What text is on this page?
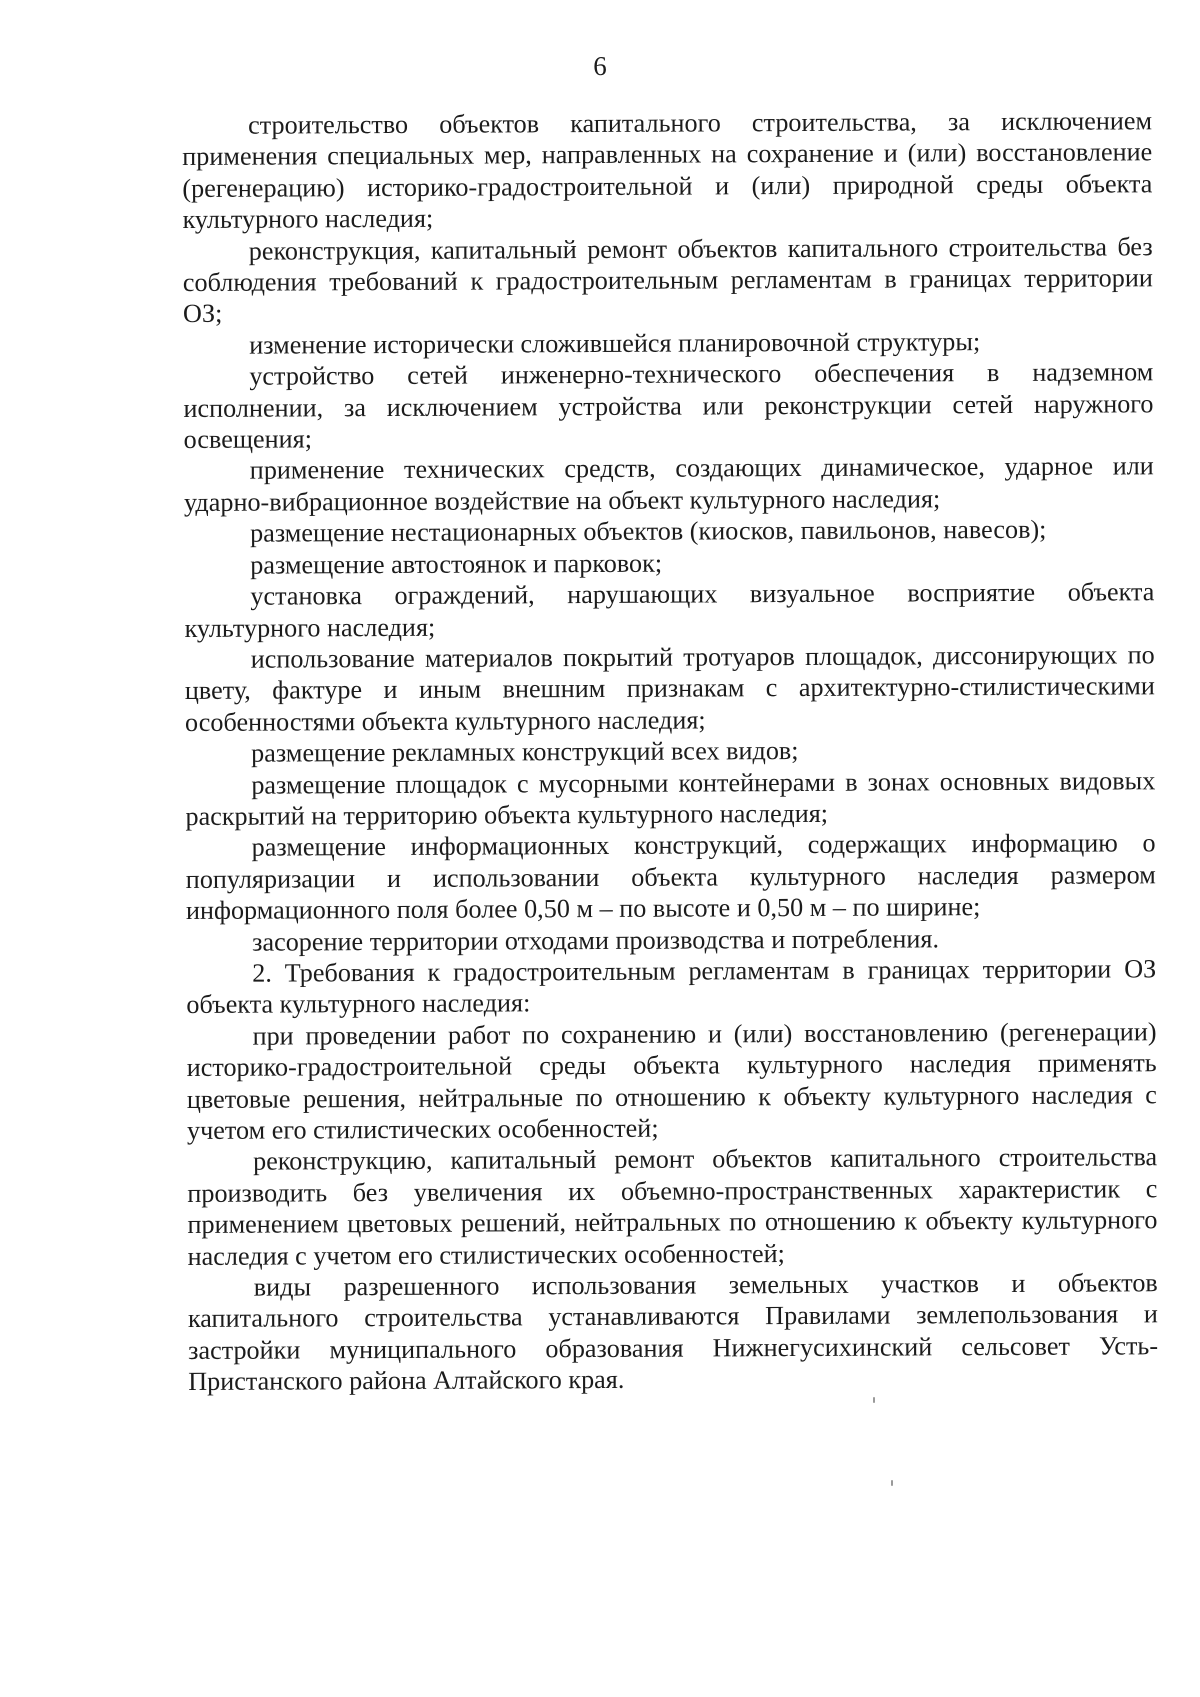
6

строительство объектов капитального строительства, за исключением применения специальных мер, направленных на сохранение и (или) восстановление (регенерацию) историко-градостроительной и (или) природной среды объекта культурного наследия;

реконструкция, капитальный ремонт объектов капитального строительства без соблюдения требований к градостроительным регламентам в границах территории ОЗ;

изменение исторически сложившейся планировочной структуры;

устройство сетей инженерно-технического обеспечения в надземном исполнении, за исключением устройства или реконструкции сетей наружного освещения;

применение технических средств, создающих динамическое, ударное или ударно-вибрационное воздействие на объект культурного наследия;

размещение нестационарных объектов (киосков, павильонов, навесов);

размещение автостоянок и парковок;

установка ограждений, нарушающих визуальное восприятие объекта культурного наследия;

использование материалов покрытий тротуаров площадок, диссонирующих по цвету, фактуре и иным внешним признакам с архитектурно-стилистическими особенностями объекта культурного наследия;

размещение рекламных конструкций всех видов;

размещение площадок с мусорными контейнерами в зонах основных видовых раскрытий на территорию объекта культурного наследия;

размещение информационных конструкций, содержащих информацию о популяризации и использовании объекта культурного наследия размером информационного поля более 0,50 м – по высоте и 0,50 м – по ширине;

засорение территории отходами производства и потребления.

2. Требования к градостроительным регламентам в границах территории ОЗ объекта культурного наследия:

при проведении работ по сохранению и (или) восстановлению (регенерации) историко-градостроительной среды объекта культурного наследия применять цветовые решения, нейтральные по отношению к объекту культурного наследия с учетом его стилистических особенностей;

реконструкцию, капитальный ремонт объектов капитального строительства производить без увеличения их объемно-пространственных характеристик с применением цветовых решений, нейтральных по отношению к объекту культурного наследия с учетом его стилистических особенностей;

виды разрешенного использования земельных участков и объектов капитального строительства устанавливаются Правилами землепользования и застройки муниципального образования Нижнегусихинский сельсовет Усть-Пристанского района Алтайского края.
